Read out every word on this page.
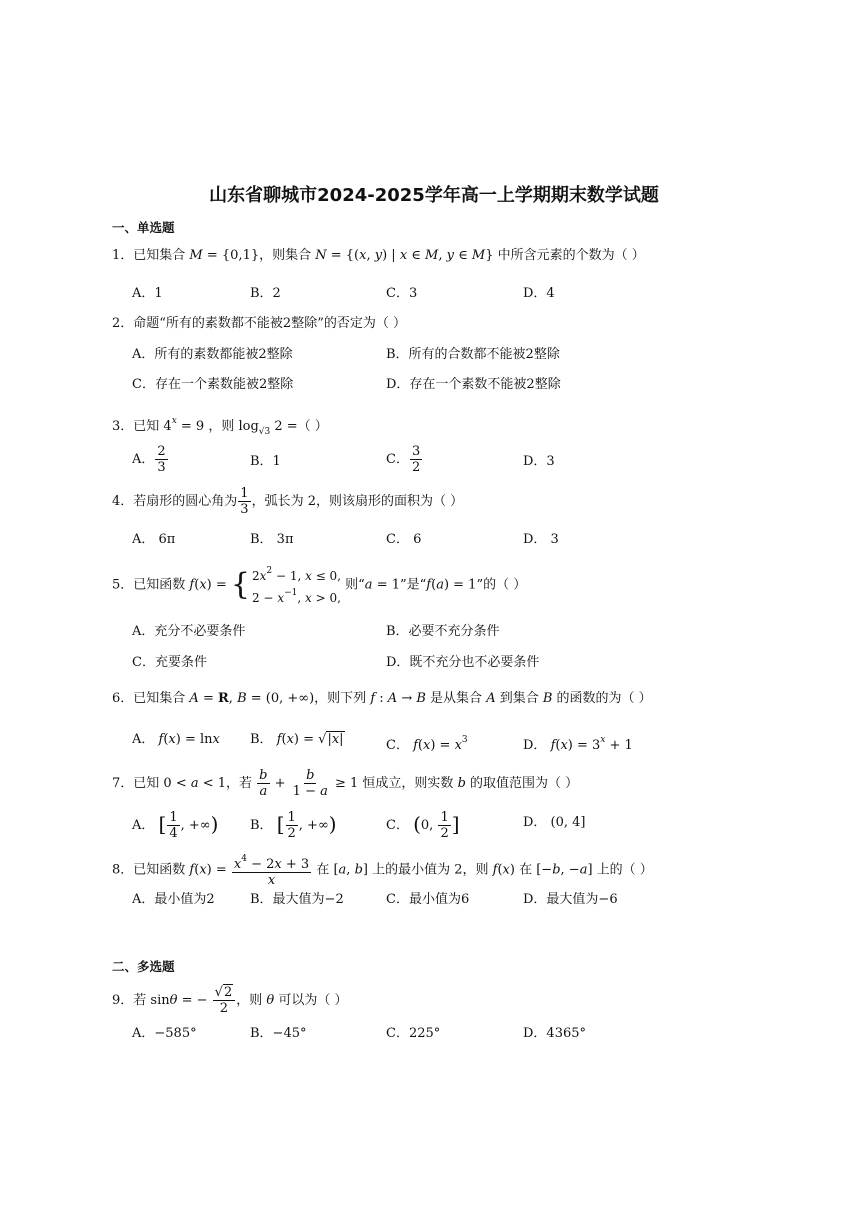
山东省聊城市2024-2025学年高一上学期期末数学试题
一、单选题
1．已知集合 M = {0,1}，则集合 N = {(x, y) | x ∈ M, y ∈ M} 中所含元素的个数为（ ）
A．1	B．2	C．3	D．4
2．命题“所有的素数都不能被2整除”的否定为（ ）
A．所有的素数都能被2整除	B．所有的合数都不能被2整除
C．存在一个素数能被2整除	D．存在一个素数不能被2整除
3．已知 $4^x = 9$ ，则 $\log_{√3} 2$ =（ ）
A． $\frac{2}{3}$	B．1	C． $\frac{3}{2}$	D．3
4．若扇形的圆心角为 $\frac{1}{3}$ ，弧长为 2，则该扇形的面积为（ ）
A． 6π	B． 3π	C． 6	D． 3
5．已知函数 f(x) = { $2x^2 - 1$, x ≤ 0,
$2 - x^{-1}$, x > 0,
则“a = 1”是“f(a) = 1”的（ ）
A．充分不必要条件	B．必要不充分条件
C．充要条件	D．既不充分也不必要条件
6．已知集合 A = R, B = (0, +∞)，则下列 f : A → B 是从集合 A 到集合 B 的函数的为（ ）
A． f(x) = lnx B． f(x) = √|x|	C． $f(x) = x^3$	D． $f(x) = 3^x + 1$
7．已知 0 < a < 1，若 $\frac{b}{a} + \frac{b}{1 - a} \ge 1$ 恒成立，则实数 b 的取值范围为（ ）
A． [ $\frac{1}{4}$ , +∞) B． [ $\frac{1}{2}$ , +∞)	C． (0, $\frac{1}{2}$ ]	D． (0, 4]
8．已知函数 $f(x) = \frac{x^4 - 2x + 3}{x}$ 在 [a, b] 上的最小值为 2，则 f(x) 在 [−b, −a] 上的（ ）
A．最小值为2	B．最大值为−2	C．最小值为6	D．最大值为−6
二、多选题
9．若 sinθ = − $\frac{√2}{2}$ ，则 θ 可以为（ ）
A．−585°	B．−45°	C．225°	D．4365°
